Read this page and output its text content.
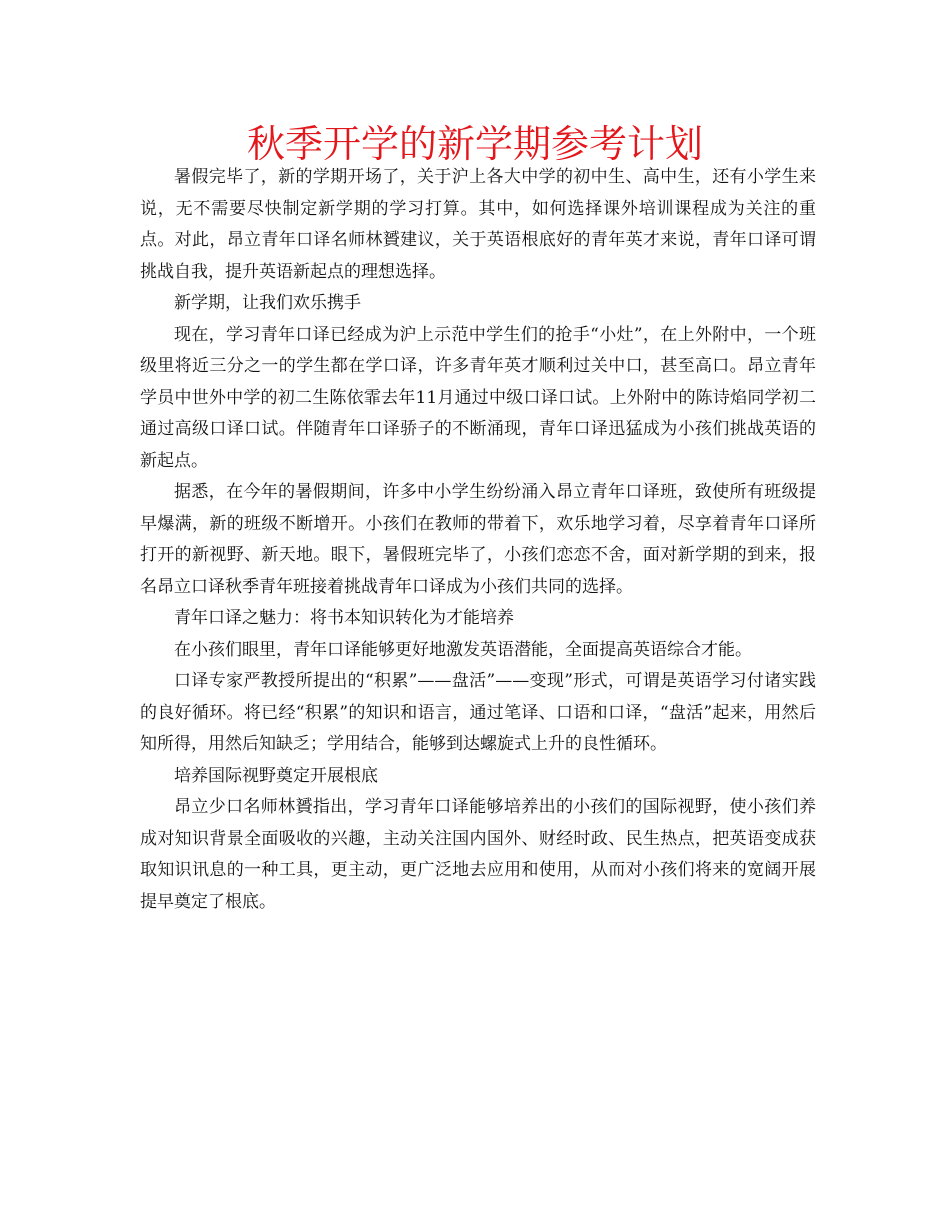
秋季开学的新学期参考计划

暑假完毕了，新的学期开场了，关于沪上各大中学的初中生、高中生，还有小学生来说，无不需要尽快制定新学期的学习打算。其中，如何选择课外培训课程成为关注的重点。对此，昂立青年口译名师林贇建议，关于英语根底好的青年英才来说，青年口译可谓挑战自我，提升英语新起点的理想选择。

新学期，让我们欢乐携手

现在，学习青年口译已经成为沪上示范中学生们的抢手“小灶”，在上外附中，一个班级里将近三分之一的学生都在学口译，许多青年英才顺利过关中口，甚至高口。昂立青年学员中世外中学的初二生陈依霏去年11月通过中级口译口试。上外附中的陈诗焰同学初二通过高级口译口试。伴随青年口译骄子的不断涌现，青年口译迅猛成为小孩们挑战英语的新起点。

据悉，在今年的暑假期间，许多中小学生纷纷涌入昂立青年口译班，致使所有班级提早爆满，新的班级不断增开。小孩们在教师的带着下，欢乐地学习着，尽享着青年口译所打开的新视野、新天地。眼下，暑假班完毕了，小孩们恋恋不舍，面对新学期的到来，报名昂立口译秋季青年班接着挑战青年口译成为小孩们共同的选择。

青年口译之魅力：将书本知识转化为才能培养

在小孩们眼里，青年口译能够更好地激发英语潜能，全面提高英语综合才能。

口译专家严教授所提出的“积累”——盘活”——变现”形式，可谓是英语学习付诸实践的良好循环。将已经“积累”的知识和语言，通过笔译、口语和口译，“盘活”起来，用然后知所得，用然后知缺乏；学用结合，能够到达螺旋式上升的良性循环。

培养国际视野奠定开展根底

昂立少口名师林贇指出，学习青年口译能够培养出的小孩们的国际视野，使小孩们养成对知识背景全面吸收的兴趣，主动关注国内国外、财经时政、民生热点，把英语变成获取知识讯息的一种工具，更主动，更广泛地去应用和使用，从而对小孩们将来的宽阔开展提早奠定了根底。
